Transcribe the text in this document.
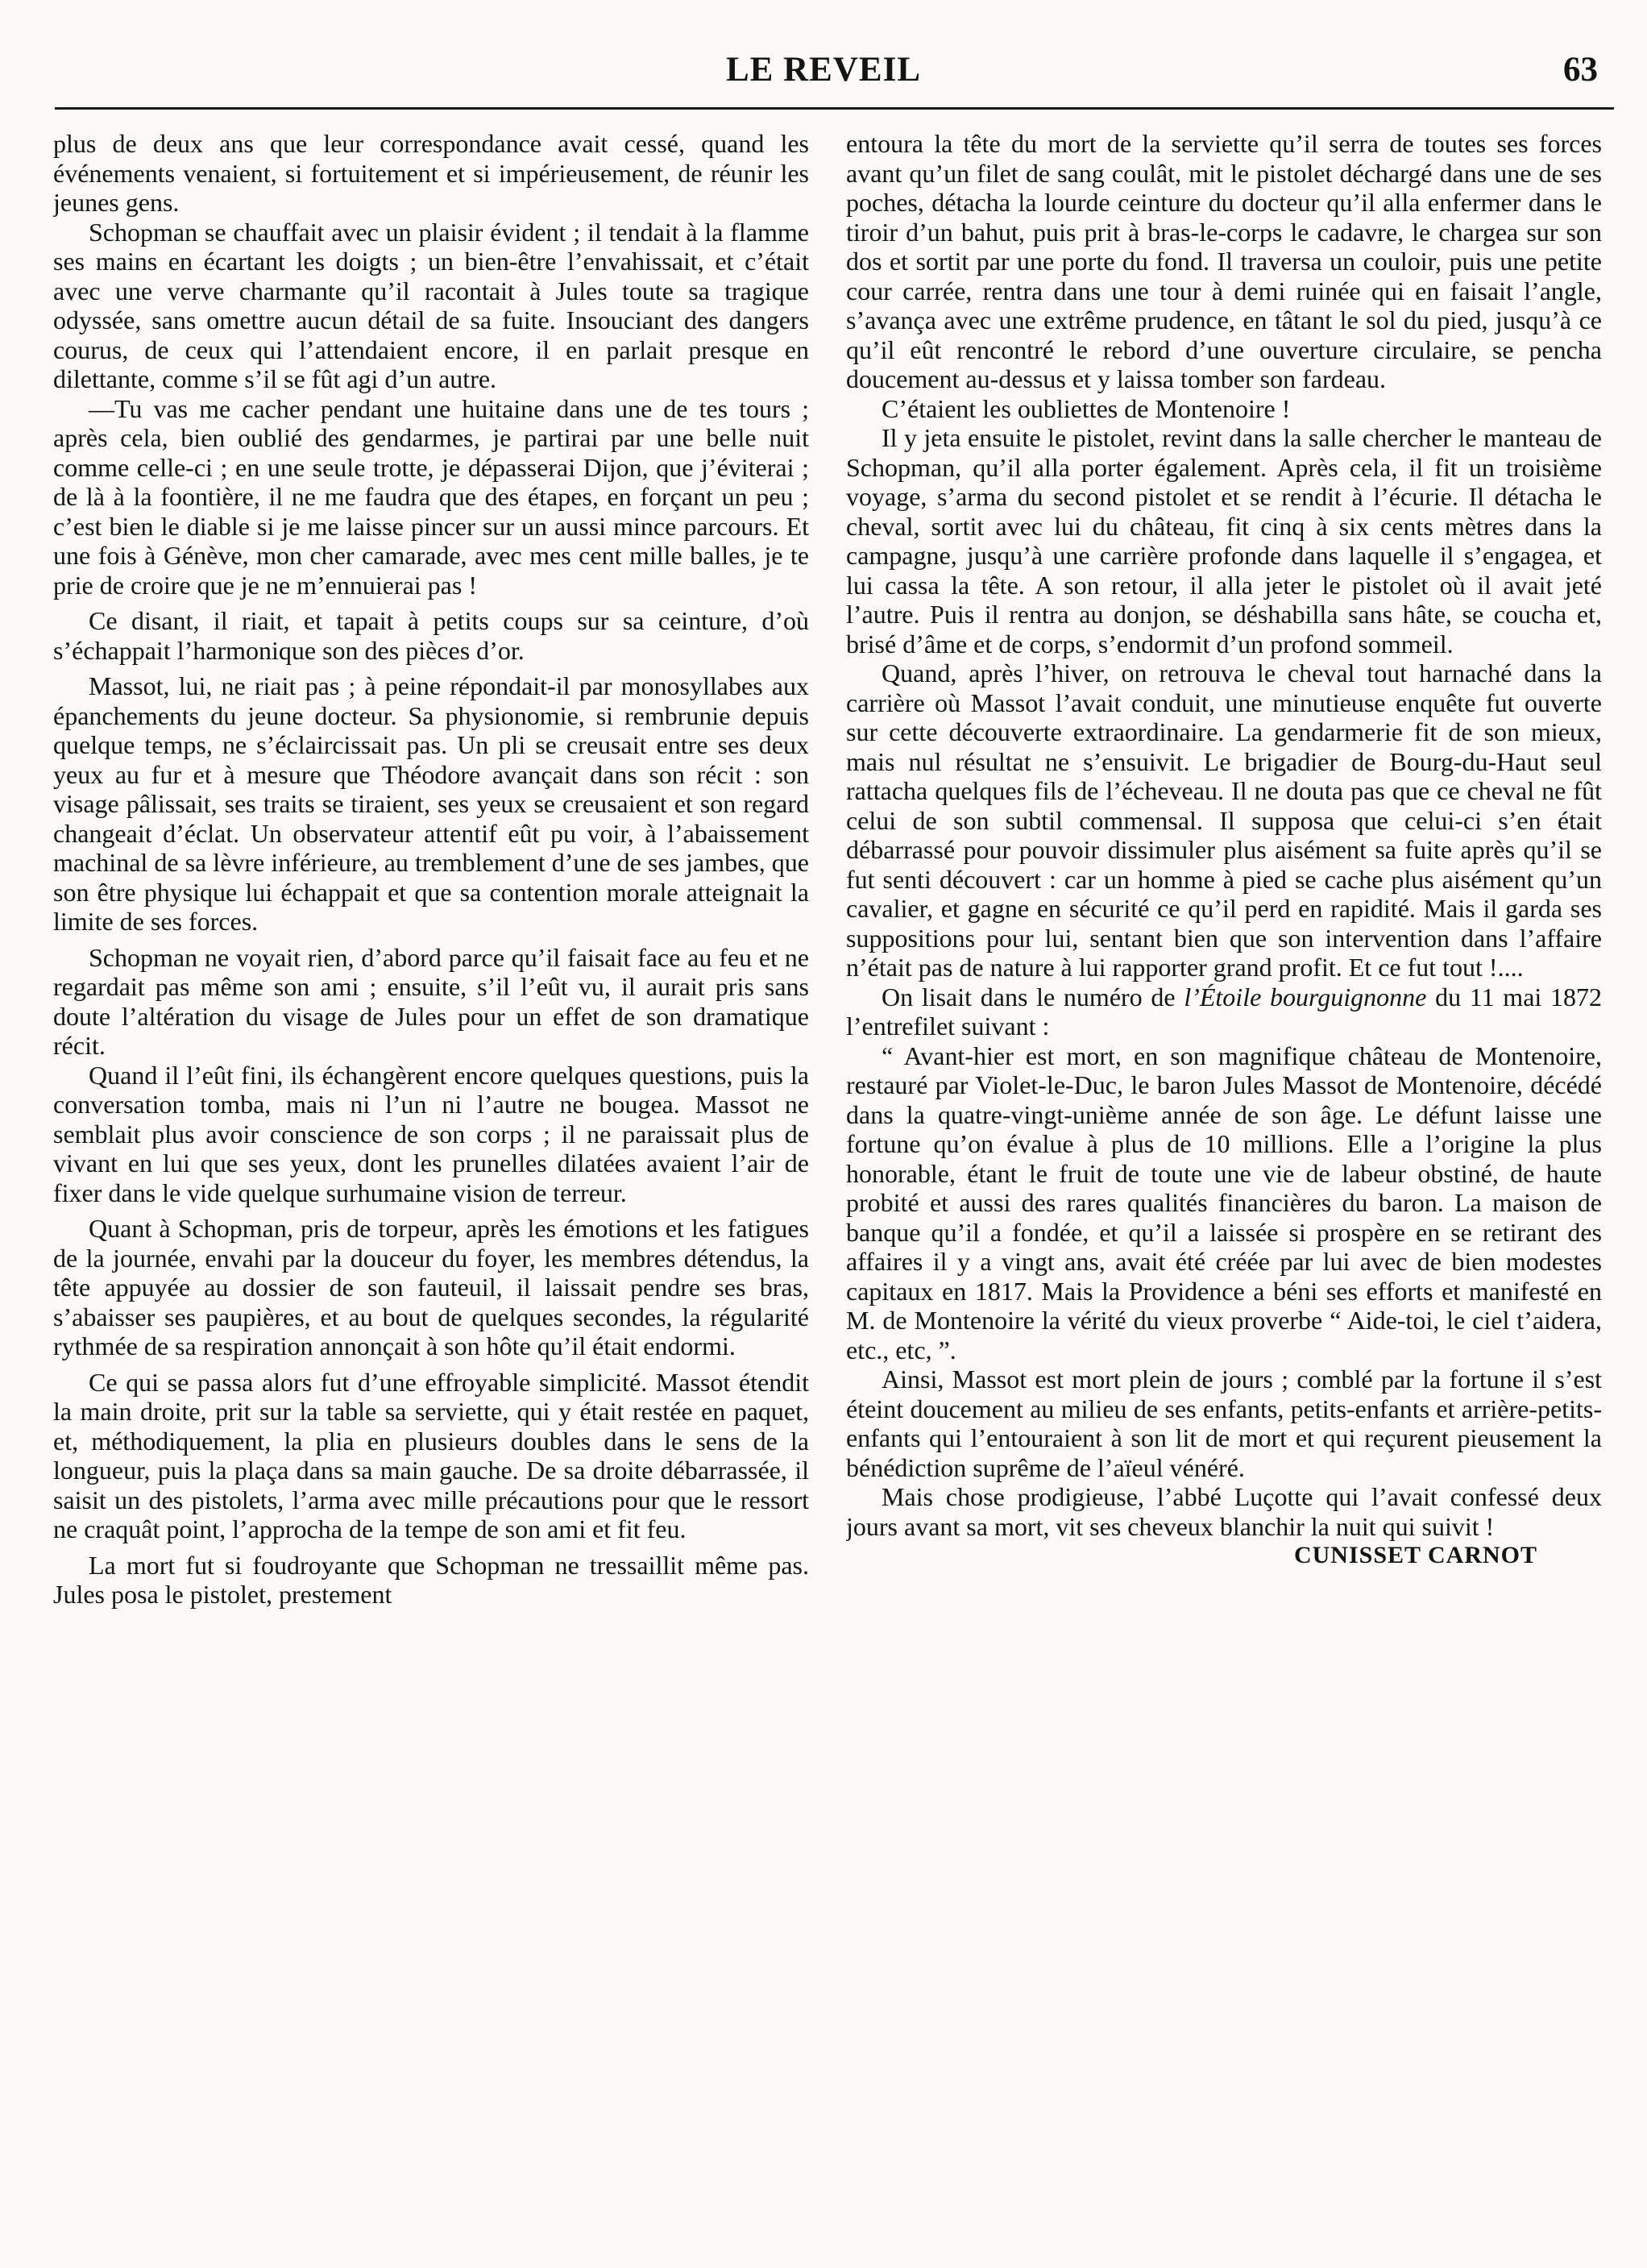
LE REVEIL	63

plus de deux ans que leur correspondance avait cessé, quand les événements venaient, si fortuitement et si impérieusement, de réunir les jeunes gens.

Schopman se chauffait avec un plaisir évident ; il tendait à la flamme ses mains en écartant les doigts ; un bien-être l’envahissait, et c’était avec une verve charmante qu’il racontait à Jules toute sa tragique odyssée, sans omettre aucun détail de sa fuite. Insouciant des dangers courus, de ceux qui l’attendaient encore, il en parlait presque en dilettante, comme s’il se fût agi d’un autre.

—Tu vas me cacher pendant une huitaine dans une de tes tours ; après cela, bien oublié des gendarmes, je partirai par une belle nuit comme celle-ci ; en une seule trotte, je dépasserai Dijon, que j’éviterai ; de là à la foontière, il ne me faudra que des étapes, en forçant un peu ; c’est bien le diable si je me laisse pincer sur un aussi mince parcours. Et une fois à Génève, mon cher camarade, avec mes cent mille balles, je te prie de croire que je ne m’ennuierai pas !

Ce disant, il riait, et tapait à petits coups sur sa ceinture, d’où s’échappait l’harmonique son des pièces d’or.

Massot, lui, ne riait pas ; à peine répondait-il par monosyllabes aux épanchements du jeune docteur. Sa physionomie, si rembrunie depuis quelque temps, ne s’éclaircissait pas. Un pli se creusait entre ses deux yeux au fur et à mesure que Théodore avançait dans son récit : son visage pâlissait, ses traits se tiraient, ses yeux se creusaient et son regard changeait d’éclat. Un observateur attentif eût pu voir, à l’abaissement machinal de sa lèvre inférieure, au tremblement d’une de ses jambes, que son être physique lui échappait et que sa contention morale atteignait la limite de ses forces.

Schopman ne voyait rien, d’abord parce qu’il faisait face au feu et ne regardait pas même son ami ; ensuite, s’il l’eût vu, il aurait pris sans doute l’altération du visage de Jules pour un effet de son dramatique récit.

Quand il l’eût fini, ils échangèrent encore quelques questions, puis la conversation tomba, mais ni l’un ni l’autre ne bougea. Massot ne semblait plus avoir conscience de son corps ; il ne paraissait plus de vivant en lui que ses yeux, dont les prunelles dilatées avaient l’air de fixer dans le vide quelque surhumaine vision de terreur.

Quant à Schopman, pris de torpeur, après les émotions et les fatigues de la journée, envahi par la douceur du foyer, les membres détendus, la tête appuyée au dossier de son fauteuil, il laissait pendre ses bras, s’abaisser ses paupières, et au bout de quelques secondes, la régularité rythmée de sa respiration annonçait à son hôte qu’il était endormi.

Ce qui se passa alors fut d’une effroyable simplicité. Massot étendit la main droite, prit sur la table sa serviette, qui y était restée en paquet, et, méthodiquement, la plia en plusieurs doubles dans le sens de la longueur, puis la plaça dans sa main gauche. De sa droite débarrassée, il saisit un des pistolets, l’arma avec mille précautions pour que le ressort ne craquât point, l’approcha de la tempe de son ami et fit feu.

La mort fut si foudroyante que Schopman ne tressaillit même pas. Jules posa le pistolet, prestement

entoura la tête du mort de la serviette qu’il serra de toutes ses forces avant qu’un filet de sang coulât, mit le pistolet déchargé dans une de ses poches, détacha la lourde ceinture du docteur qu’il alla enfermer dans le tiroir d’un bahut, puis prit à bras-le-corps le cadavre, le chargea sur son dos et sortit par une porte du fond. Il traversa un couloir, puis une petite cour carrée, rentra dans une tour à demi ruinée qui en faisait l’angle, s’avança avec une extrême prudence, en tâtant le sol du pied, jusqu’à ce qu’il eût rencontré le rebord d’une ouverture circulaire, se pencha doucement au-dessus et y laissa tomber son fardeau.

C’étaient les oubliettes de Montenoire !

Il y jeta ensuite le pistolet, revint dans la salle chercher le manteau de Schopman, qu’il alla porter également. Après cela, il fit un troisième voyage, s’arma du second pistolet et se rendit à l’écurie. Il détacha le cheval, sortit avec lui du château, fit cinq à six cents mètres dans la campagne, jusqu’à une carrière profonde dans laquelle il s’engagea, et lui cassa la tête. A son retour, il alla jeter le pistolet où il avait jeté l’autre. Puis il rentra au donjon, se déshabilla sans hâte, se coucha et, brisé d’âme et de corps, s’endormit d’un profond sommeil.

Quand, après l’hiver, on retrouva le cheval tout harnaché dans la carrière où Massot l’avait conduit, une minutieuse enquête fut ouverte sur cette découverte extraordinaire. La gendarmerie fit de son mieux, mais nul résultat ne s’ensuivit. Le brigadier de Bourg-du-Haut seul rattacha quelques fils de l’écheveau. Il ne douta pas que ce cheval ne fût celui de son subtil commensal. Il supposa que celui-ci s’en était débarrassé pour pouvoir dissimuler plus aisément sa fuite après qu’il se fut senti découvert : car un homme à pied se cache plus aisément qu’un cavalier, et gagne en sécurité ce qu’il perd en rapidité. Mais il garda ses suppositions pour lui, sentant bien que son intervention dans l’affaire n’était pas de nature à lui rapporter grand profit. Et ce fut tout !....

On lisait dans le numéro de l’Étoile bourguignonne du 11 mai 1872 l’entrefilet suivant :

“ Avant-hier est mort, en son magnifique château de Montenoire, restauré par Violet-le-Duc, le baron Jules Massot de Montenoire, décédé dans la quatre-vingt-unième année de son âge. Le défunt laisse une fortune qu’on évalue à plus de 10 millions. Elle a l’origine la plus honorable, étant le fruit de toute une vie de labeur obstiné, de haute probité et aussi des rares qualités financières du baron. La maison de banque qu’il a fondée, et qu’il a laissée si prospère en se retirant des affaires il y a vingt ans, avait été créée par lui avec de bien modestes capitaux en 1817. Mais la Providence a béni ses efforts et manifesté en M. de Montenoire la vérité du vieux proverbe “ Aide-toi, le ciel t’aidera, etc., etc, ”.

Ainsi, Massot est mort plein de jours ; comblé par la fortune il s’est éteint doucement au milieu de ses enfants, petits-enfants et arrière-petits-enfants qui l’entouraient à son lit de mort et qui reçurent pieusement la bénédiction suprême de l’aïeul vénéré.

Mais chose prodigieuse, l’abbé Luçotte qui l’avait confessé deux jours avant sa mort, vit ses cheveux blanchir la nuit qui suivit !

CUNISSET CARNOT
